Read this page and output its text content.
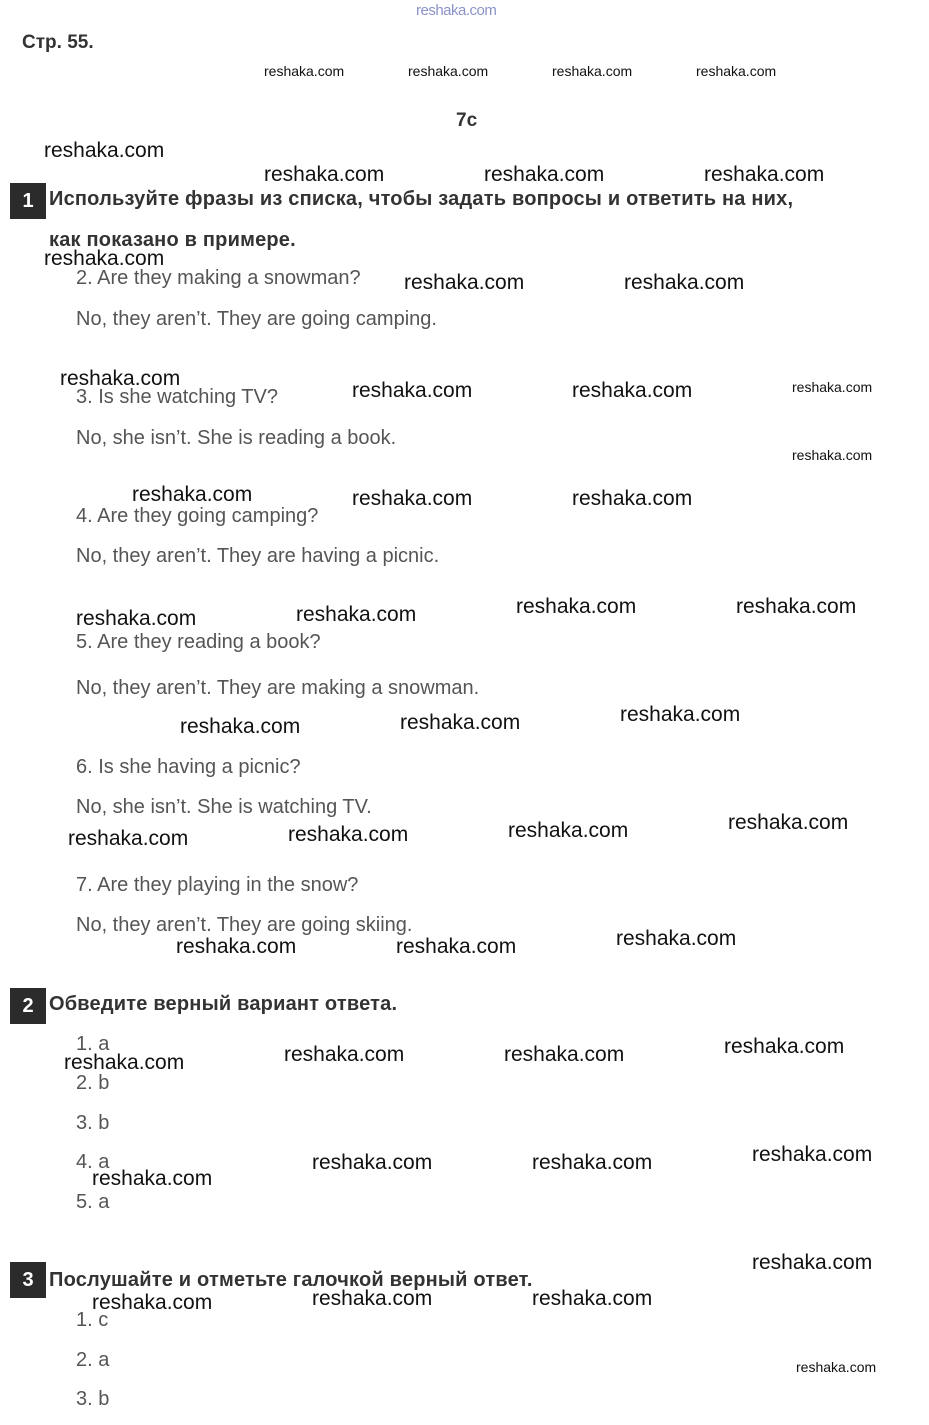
reshaka.com
Стр. 55.
7c
1 Используйте фразы из списка, чтобы задать вопросы и ответить на них,
как показано в примере.
2. Are they making a snowman?
No, they aren’t. They are going camping.
3. Is she watching TV?
No, she isn’t. She is reading a book.
4. Are they going camping?
No, they aren’t. They are having a picnic.
5. Are they reading a book?
No, they aren’t. They are making a snowman.
6. Is she having a picnic?
No, she isn’t. She is watching TV.
7. Are they playing in the snow?
No, they aren’t. They are going skiing.
2 Обведите верный вариант ответа.
1. a
2. b
3. b
4. a
5. a
3 Послушайте и отметьте галочкой верный ответ.
1. c
2. a
3. b
reshaka.com	reshaka.com	reshaka.com	reshaka.com
reshaka.com
reshaka.com
reshaka.com
reshaka.com
reshaka.com	reshaka.com	reshaka.com
reshaka.com
reshaka.com	reshaka.com
reshaka.com
reshaka.com	reshaka.com
reshaka.com	reshaka.com	reshaka.com
reshaka.com	reshaka.com	reshaka.com	reshaka.com
reshaka.com	reshaka.com	reshaka.com
reshaka.com	reshaka.com	reshaka.com	reshaka.com
reshaka.com	reshaka.com	reshaka.com
reshaka.com	reshaka.com	reshaka.com	reshaka.com
reshaka.com
reshaka.com	reshaka.com	reshaka.com
reshaka.com
reshaka.com	reshaka.com	reshaka.com
